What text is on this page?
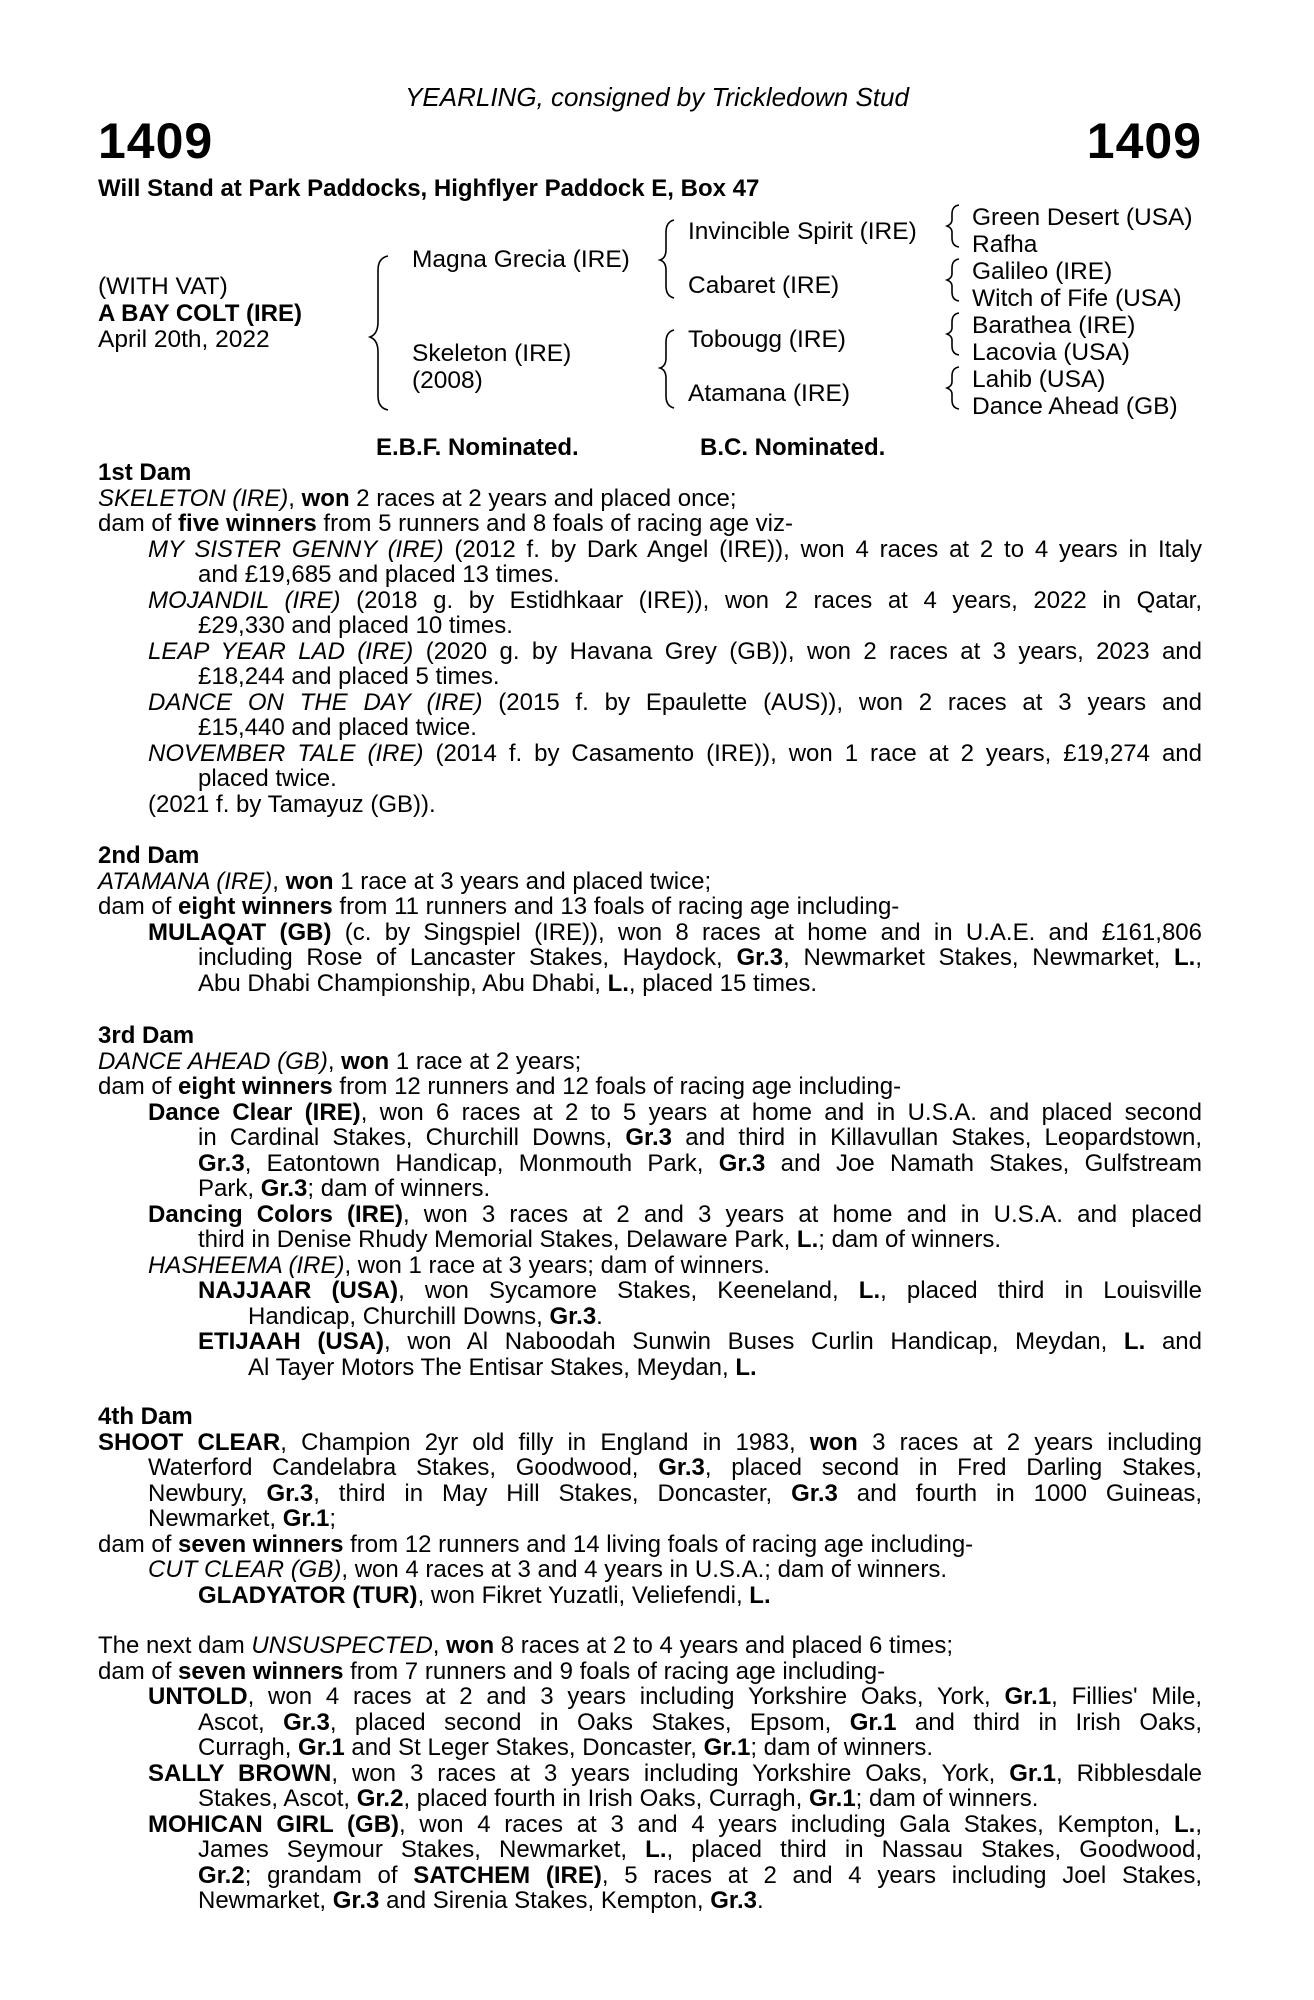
YEARLING, consigned by Trickledown Stud
1409	1409
Will Stand at Park Paddocks, Highflyer Paddock E, Box 47
(WITH VAT)
A BAY COLT (IRE)
April 20th, 2022
Magna Grecia (IRE)
Skeleton (IRE)
(2008)
Invincible Spirit (IRE)
Cabaret (IRE)
Tobougg (IRE)
Atamana (IRE)
Green Desert (USA)
Rafha
Galileo (IRE)
Witch of Fife (USA)
Barathea (IRE)
Lacovia (USA)
Lahib (USA)
Dance Ahead (GB)
E.B.F. Nominated.	B.C. Nominated.
1st Dam
SKELETON (IRE), won 2 races at 2 years and placed once;
dam of five winners from 5 runners and 8 foals of racing age viz-
MY SISTER GENNY (IRE) (2012 f. by Dark Angel (IRE)), won 4 races at 2 to 4 years in Italy
and £19,685 and placed 13 times.
MOJANDIL (IRE) (2018 g. by Estidhkaar (IRE)), won 2 races at 4 years, 2022 in Qatar,
£29,330 and placed 10 times.
LEAP YEAR LAD (IRE) (2020 g. by Havana Grey (GB)), won 2 races at 3 years, 2023 and
£18,244 and placed 5 times.
DANCE ON THE DAY (IRE) (2015 f. by Epaulette (AUS)), won 2 races at 3 years and
£15,440 and placed twice.
NOVEMBER TALE (IRE) (2014 f. by Casamento (IRE)), won 1 race at 2 years, £19,274 and
placed twice.
(2021 f. by Tamayuz (GB)).
2nd Dam
ATAMANA (IRE), won 1 race at 3 years and placed twice;
dam of eight winners from 11 runners and 13 foals of racing age including-
MULAQAT (GB) (c. by Singspiel (IRE)), won 8 races at home and in U.A.E. and £161,806
including Rose of Lancaster Stakes, Haydock, Gr.3, Newmarket Stakes, Newmarket, L.,
Abu Dhabi Championship, Abu Dhabi, L., placed 15 times.
3rd Dam
DANCE AHEAD (GB), won 1 race at 2 years;
dam of eight winners from 12 runners and 12 foals of racing age including-
Dance Clear (IRE), won 6 races at 2 to 5 years at home and in U.S.A. and placed second
in Cardinal Stakes, Churchill Downs, Gr.3 and third in Killavullan Stakes, Leopardstown,
Gr.3, Eatontown Handicap, Monmouth Park, Gr.3 and Joe Namath Stakes, Gulfstream
Park, Gr.3; dam of winners.
Dancing Colors (IRE), won 3 races at 2 and 3 years at home and in U.S.A. and placed
third in Denise Rhudy Memorial Stakes, Delaware Park, L.; dam of winners.
HASHEEMA (IRE), won 1 race at 3 years; dam of winners.
NAJJAAR (USA), won Sycamore Stakes, Keeneland, L., placed third in Louisville
Handicap, Churchill Downs, Gr.3.
ETIJAAH (USA), won Al Naboodah Sunwin Buses Curlin Handicap, Meydan, L. and
Al Tayer Motors The Entisar Stakes, Meydan, L.
4th Dam
SHOOT CLEAR, Champion 2yr old filly in England in 1983, won 3 races at 2 years including
Waterford Candelabra Stakes, Goodwood, Gr.3, placed second in Fred Darling Stakes,
Newbury, Gr.3, third in May Hill Stakes, Doncaster, Gr.3 and fourth in 1000 Guineas,
Newmarket, Gr.1;
dam of seven winners from 12 runners and 14 living foals of racing age including-
CUT CLEAR (GB), won 4 races at 3 and 4 years in U.S.A.; dam of winners.
GLADYATOR (TUR), won Fikret Yuzatli, Veliefendi, L.
The next dam UNSUSPECTED, won 8 races at 2 to 4 years and placed 6 times;
dam of seven winners from 7 runners and 9 foals of racing age including-
UNTOLD, won 4 races at 2 and 3 years including Yorkshire Oaks, York, Gr.1, Fillies' Mile,
Ascot, Gr.3, placed second in Oaks Stakes, Epsom, Gr.1 and third in Irish Oaks,
Curragh, Gr.1 and St Leger Stakes, Doncaster, Gr.1; dam of winners.
SALLY BROWN, won 3 races at 3 years including Yorkshire Oaks, York, Gr.1, Ribblesdale
Stakes, Ascot, Gr.2, placed fourth in Irish Oaks, Curragh, Gr.1; dam of winners.
MOHICAN GIRL (GB), won 4 races at 3 and 4 years including Gala Stakes, Kempton, L.,
James Seymour Stakes, Newmarket, L., placed third in Nassau Stakes, Goodwood,
Gr.2; grandam of SATCHEM (IRE), 5 races at 2 and 4 years including Joel Stakes,
Newmarket, Gr.3 and Sirenia Stakes, Kempton, Gr.3.
